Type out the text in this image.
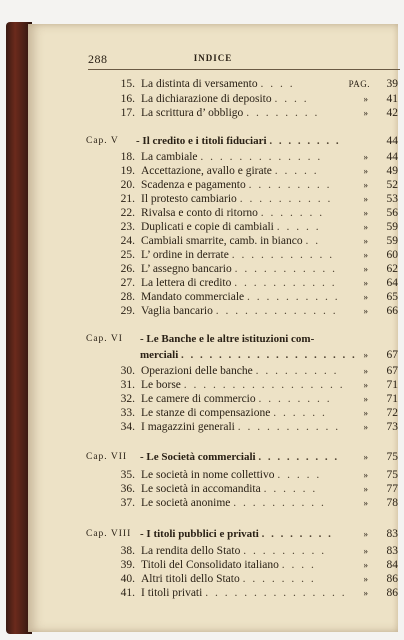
288	INDICE
15. La distinta di versamento . . . .	PAG.	39
16. La dichiarazione di deposito . . . .	»	41
17. La scrittura d’ obbligo . . . . . . . .	»	42
Cap. V - Il credito e i titoli fiduciari . . . . . . . .	44
18. La cambiale . . . . . . . . . . . . .	»	44
19. Accettazione, avallo e girate . . . . .	»	49
20. Scadenza e pagamento . . . . . . . . .	»	52
21. Il protesto cambiario . . . . . . . . . .	»	53
22. Rivalsa e conto di ritorno . . . . . . .	»	56
23. Duplicati e copie di cambiali . . . . .	»	59
24. Cambiali smarrite, camb. in bianco . .	»	59
25. L’ ordine in derrate . . . . . . . . . . .	»	60
26. L’ assegno bancario . . . . . . . . . . .	»	62
27. La lettera di credito . . . . . . . . . . .	»	64
28. Mandato commerciale . . . . . . . . . .	»	65
29. Vaglia bancario . . . . . . . . . . . . .	»	66
Cap. VI - Le Banche e le altre istituzioni com-
merciali . . . . . . . . . . . . . . . . . . . »	67
30. Operazioni delle banche . . . . . . . . .	»	67
31. Le borse . . . . . . . . . . . . . . . . . »	71
32. Le camere di commercio . . . . . . . .	»	71
33. Le stanze di compensazione . . . . . .	»	72
34. I magazzini generali . . . . . . . . . . .	»	73
Cap. VII - Le Società commerciali . . . . . . . . .	»	75
35. Le società in nome collettivo . . . . .	»	75
36. Le società in accomandita . . . . . .	»	77
37. Le società anonime . . . . . . . . . .	»	78
Cap. VIII - I titoli pubblici e privati . . . . . . . .	»	83
38. La rendita dello Stato . . . . . . . . .	»	83
39. Titoli del Consolidato italiano . . . .	»	84
40. Altri titoli dello Stato . . . . . . . .	»	86
41. I titoli privati . . . . . . . . . . . . . . . »	86
